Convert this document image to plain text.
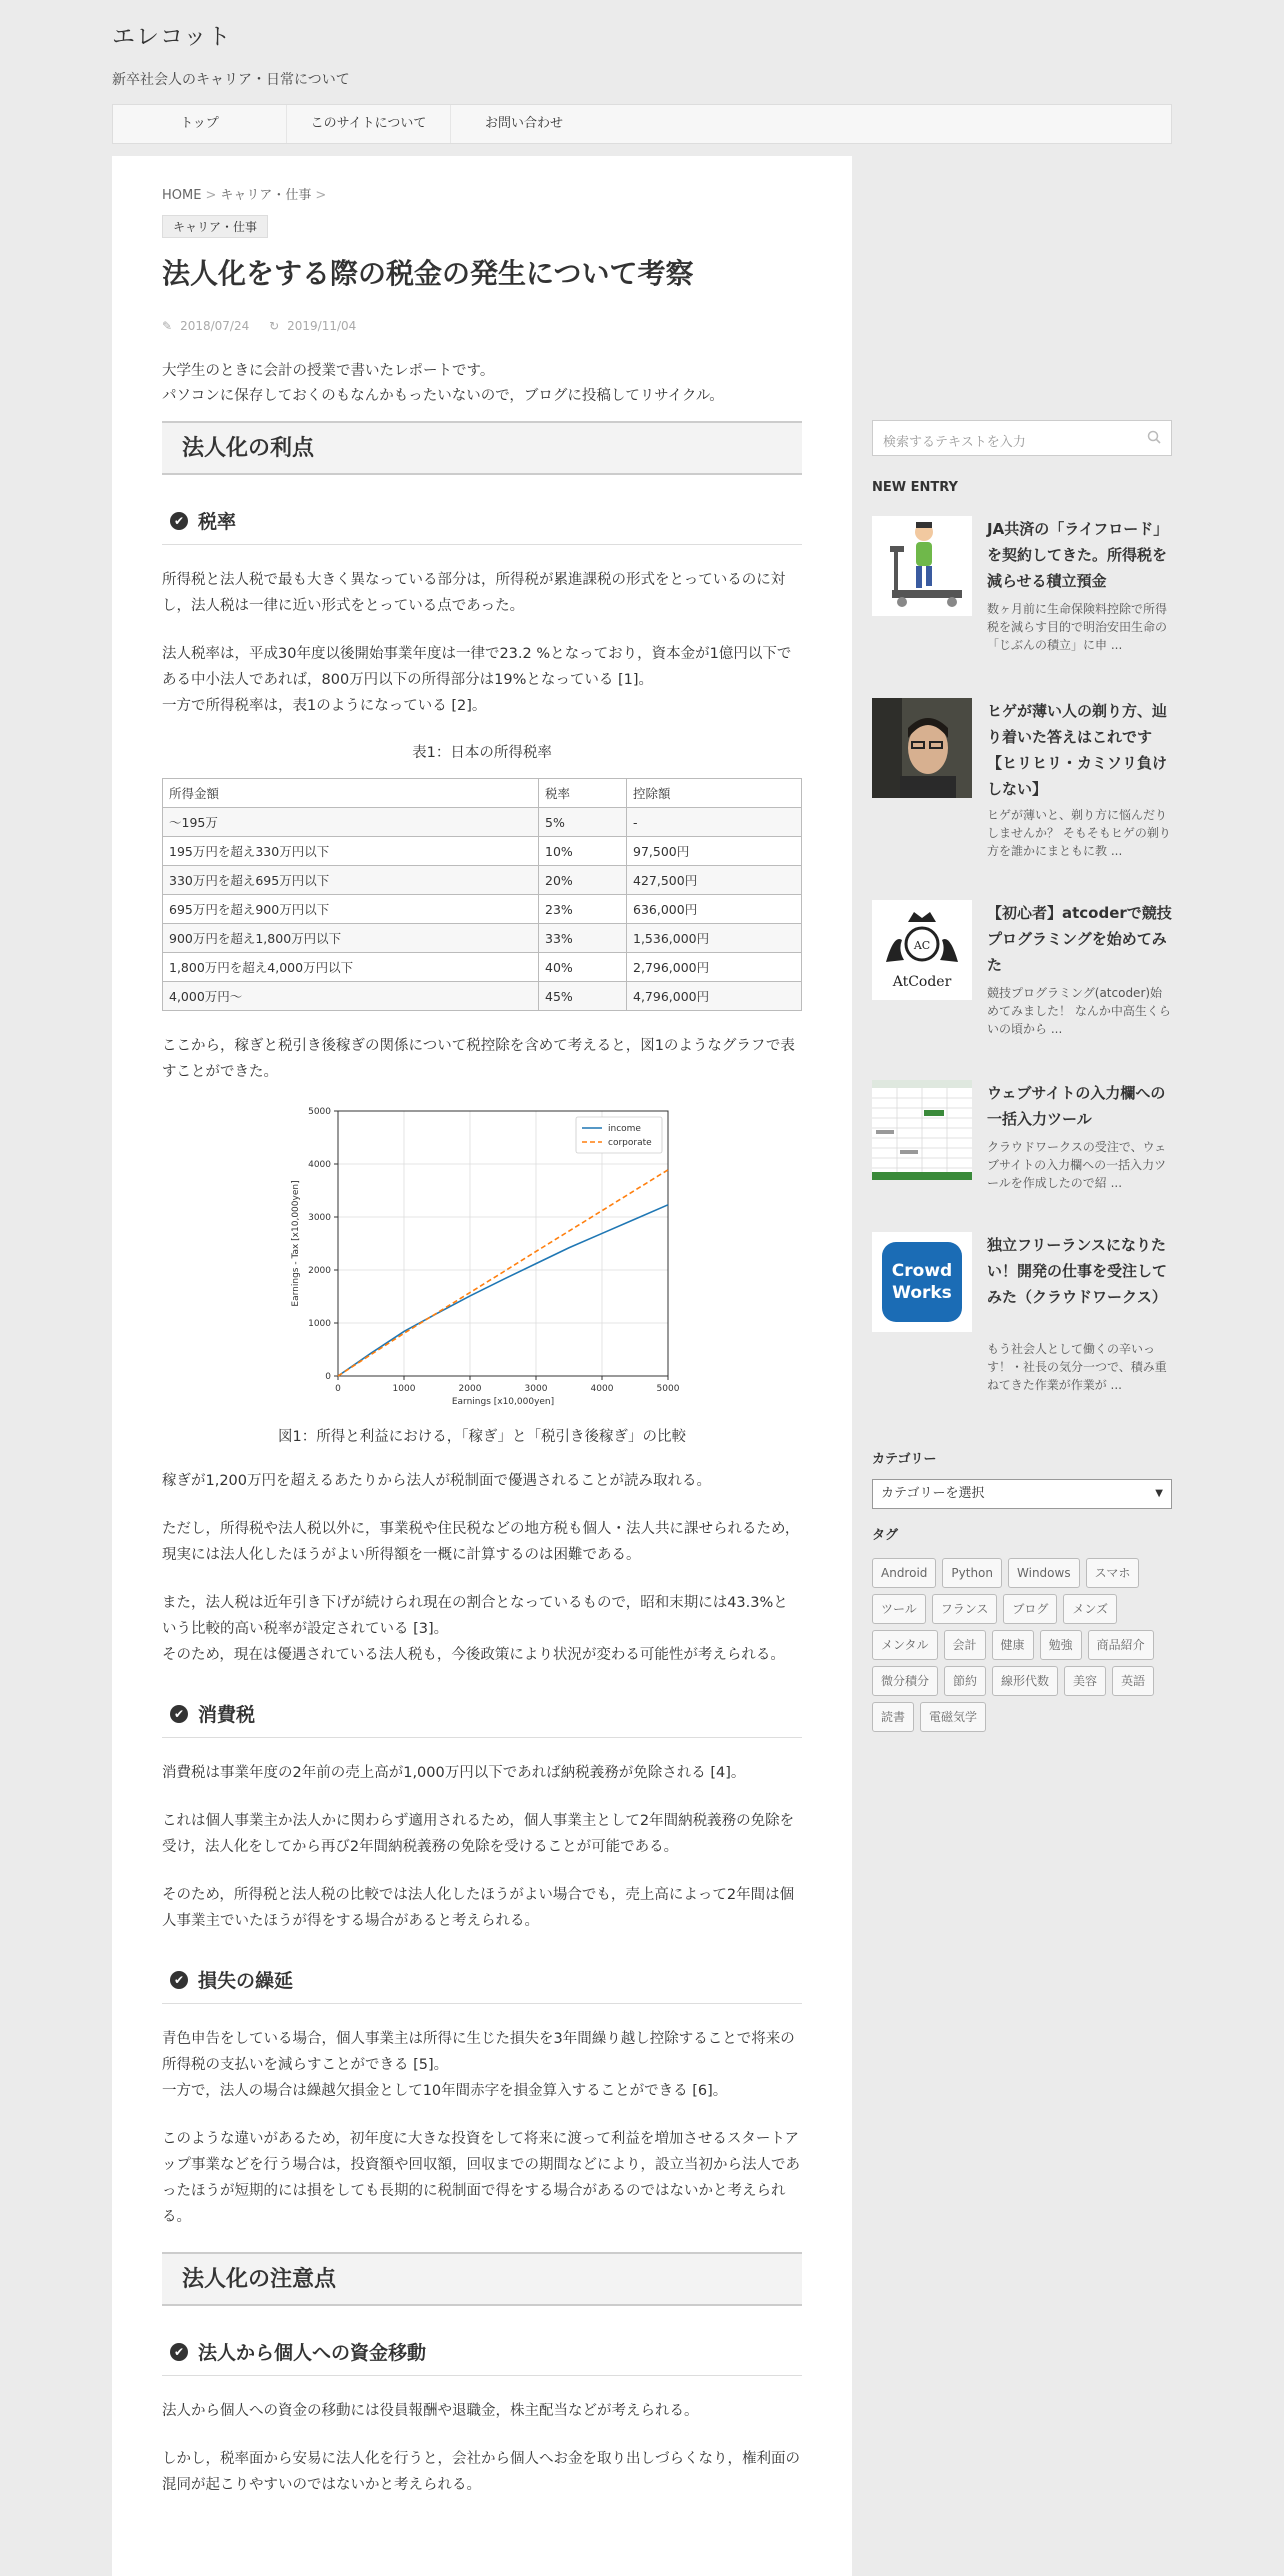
エレコット
新卒社会人のキャリア・日常について
トップ	このサイトについて	お問い合わせ
HOME > キャリア・仕事 >
キャリア・仕事
法人化をする際の税金の発生について考察
✎ 2018/07/24 ↻ 2019/11/04
大学生のときに会計の授業で書いたレポートです。
パソコンに保存しておくのもなんかもったいないので，ブログに投稿してリサイクル。
法人化の利点
✔ 税率

所得税と法人税で最も大きく異なっている部分は，所得税が累進課税の形式をとっているのに対し，法人税は一律に近い形式をとっている点であった。

法人税率は，平成30年度以後開始事業年度は一律で23.2 %となっており，資本金が1億円以下である中小法人であれば，800万円以下の所得部分は19%となっている [1]。
一方で所得税率は，表1のようになっている [2]。

表1：日本の所得税率
所得金額	税率	控除額
～195万	5%	-
195万円を超え330万円以下	10%	97,500円
330万円を超え695万円以下	20%	427,500円
695万円を超え900万円以下	23%	636,000円
900万円を超え1,800万円以下	33%	1,536,000円
1,800万円を超え4,000万円以下	40%	2,796,000円
4,000万円～	45%	4,796,000円

ここから，稼ぎと税引き後稼ぎの関係について税控除を含めて考えると，図1のようなグラフで表すことができた。

0	1000	2000	3000	4000	5000
0
1000
2000
3000
4000
5000
Earnings [x10,000yen]
Earnings - Tax [x10,000yen]
income
corporate
図1：所得と利益における，「稼ぎ」と「税引き後稼ぎ」の比較

稼ぎが1,200万円を超えるあたりから法人が税制面で優遇されることが読み取れる。

ただし，所得税や法人税以外に，事業税や住民税などの地方税も個人・法人共に課せられるため，現実には法人化したほうがよい所得額を一概に計算するのは困難である。

また，法人税は近年引き下げが続けられ現在の割合となっているもので，昭和末期には43.3%という比較的高い税率が設定されている [3]。
そのため，現在は優遇されている法人税も，今後政策により状況が変わる可能性が考えられる。

✔ 消費税

消費税は事業年度の2年前の売上高が1,000万円以下であれば納税義務が免除される [4]。

これは個人事業主か法人かに関わらず適用されるため，個人事業主として2年間納税義務の免除を受け，法人化をしてから再び2年間納税義務の免除を受けることが可能である。

そのため，所得税と法人税の比較では法人化したほうがよい場合でも，売上高によって2年間は個人事業主でいたほうが得をする場合があると考えられる。

✔ 損失の繰延

青色申告をしている場合，個人事業主は所得に生じた損失を3年間繰り越し控除することで将来の所得税の支払いを減らすことができる [5]。
一方で，法人の場合は繰越欠損金として10年間赤字を損金算入することができる [6]。

このような違いがあるため，初年度に大きな投資をして将来に渡って利益を増加させるスタートアップ事業などを行う場合は，投資額や回収額，回収までの期間などにより，設立当初から法人であったほうが短期的には損をしても長期的に税制面で得をする場合があるのではないかと考えられる。

法人化の注意点
✔ 法人から個人への資金移動

法人から個人への資金の移動には役員報酬や退職金，株主配当などが考えられる。

しかし，税率面から安易に法人化を行うと，会社から個人へお金を取り出しづらくなり，権利面の混同が起こりやすいのではないかと考えられる。

検索するテキストを入力
NEW ENTRY
JA共済の「ライフロード」を契約してきた。所得税を減らせる積立預金
数ヶ月前に生命保険料控除で所得税を減らす目的で明治安田生命の「じぶんの積立」に申 ...
ヒゲが薄い人の剃り方、辿り着いた答えはこれです【ヒリヒリ・カミソリ負けしない】
ヒゲが薄いと、剃り方に悩んだりしませんか？ そもそもヒゲの剃り方を誰かにまともに教 ...
AC
AtCoder
【初心者】atcoderで競技プログラミングを始めてみた
競技プログラミング(atcoder)始めてみました！ なんか中高生くらいの頃から ...
ウェブサイトの入力欄への一括入力ツール
クラウドワークスの受注で、ウェブサイトの入力欄への一括入力ツールを作成したので紹 ...
Crowd
Works
独立フリーランスになりたい！開発の仕事を受注してみた（クラウドワークス）
もう社会人として働くの辛いっす！・社長の気分一つで、積み重ねてきた作業が作業が ...
カテゴリー
カテゴリーを選択	▼
タグ
Android	Python	Windows	スマホ
ツール	フランス	ブログ	メンズ
メンタル	会計	健康	勉強	商品紹介
微分積分	節約	線形代数	美容	英語
読書	電磁気学
